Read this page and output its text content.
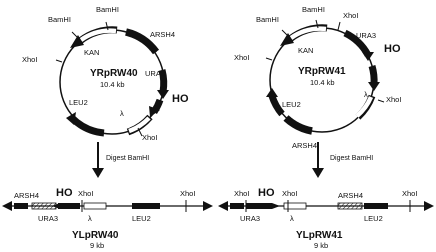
BamHI
BamHI
KAN
ARSH4
XhoI
URA3
HO
YRpRW40
10.4 kb
LEU2
λ
XhoI
Digest BamHI
ARSH4 HO XhoI	XhoI
URA3	λ	LEU2
YLpRW40
9 kb
BamHI
BamHI
XhoI
KAN
URA3
HO
XhoI
YRpRW41
10.4 kb
LEU2
λ
XhoI
ARSH4
Digest BamHI
XhoI HO XhoI	ARSH4	XhoI
URA3	λ	LEU2
YLpRW41
9 kb
